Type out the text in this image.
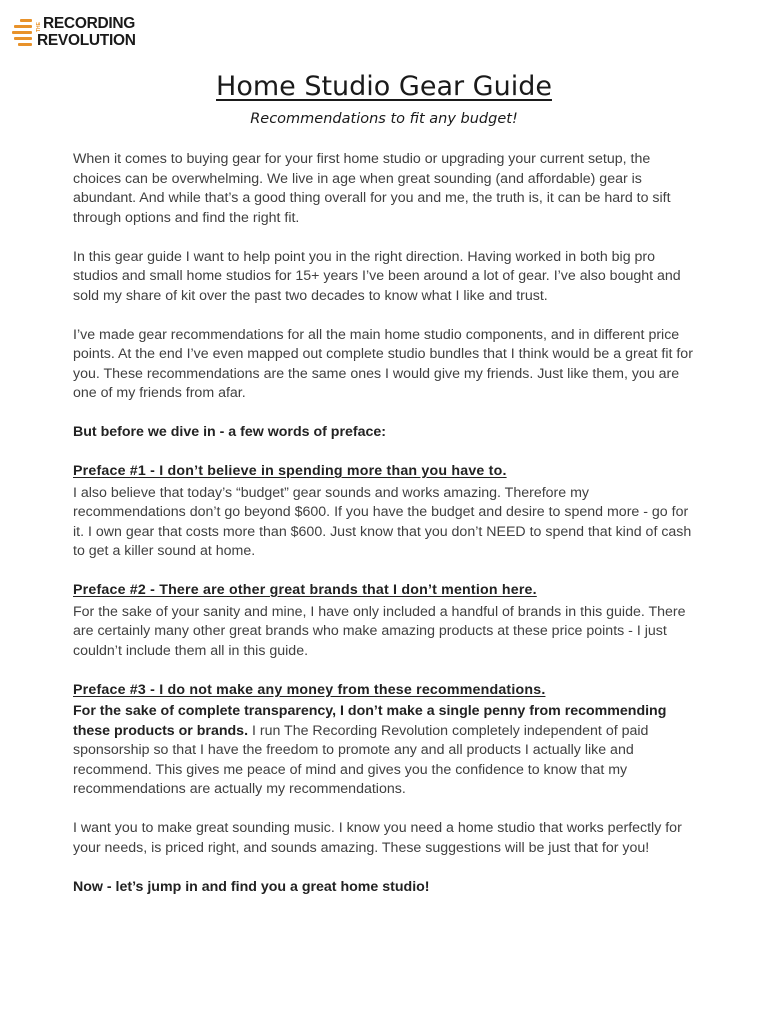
THE RECORDING
REVOLUTION
Home Studio Gear Guide
Recommendations to fit any budget!

When it comes to buying gear for your first home studio or upgrading your current setup, the choices can be overwhelming. We live in age when great sounding (and affordable) gear is abundant. And while that’s a good thing overall for you and me, the truth is, it can be hard to sift through options and find the right fit.

In this gear guide I want to help point you in the right direction. Having worked in both big pro studios and small home studios for 15+ years I’ve been around a lot of gear. I’ve also bought and sold my share of kit over the past two decades to know what I like and trust.

I’ve made gear recommendations for all the main home studio components, and in different price points. At the end I’ve even mapped out complete studio bundles that I think would be a great fit for you. These recommendations are the same ones I would give my friends. Just like them, you are one of my friends from afar.

But before we dive in - a few words of preface:

Preface #1 - I don’t believe in spending more than you have to.

I also believe that today’s “budget” gear sounds and works amazing. Therefore my recommendations don’t go beyond $600. If you have the budget and desire to spend more - go for it. I own gear that costs more than $600. Just know that you don’t NEED to spend that kind of cash to get a killer sound at home.

Preface #2 - There are other great brands that I don’t mention here.

For the sake of your sanity and mine, I have only included a handful of brands in this guide. There are certainly many other great brands who make amazing products at these price points - I just couldn’t include them all in this guide.

Preface #3 - I do not make any money from these recommendations.

For the sake of complete transparency, I don’t make a single penny from recommending these products or brands. I run The Recording Revolution completely independent of paid sponsorship so that I have the freedom to promote any and all products I actually like and recommend. This gives me peace of mind and gives you the confidence to know that my recommendations are actually my recommendations.

I want you to make great sounding music. I know you need a home studio that works perfectly for your needs, is priced right, and sounds amazing. These suggestions will be just that for you!

Now - let’s jump in and find you a great home studio!
